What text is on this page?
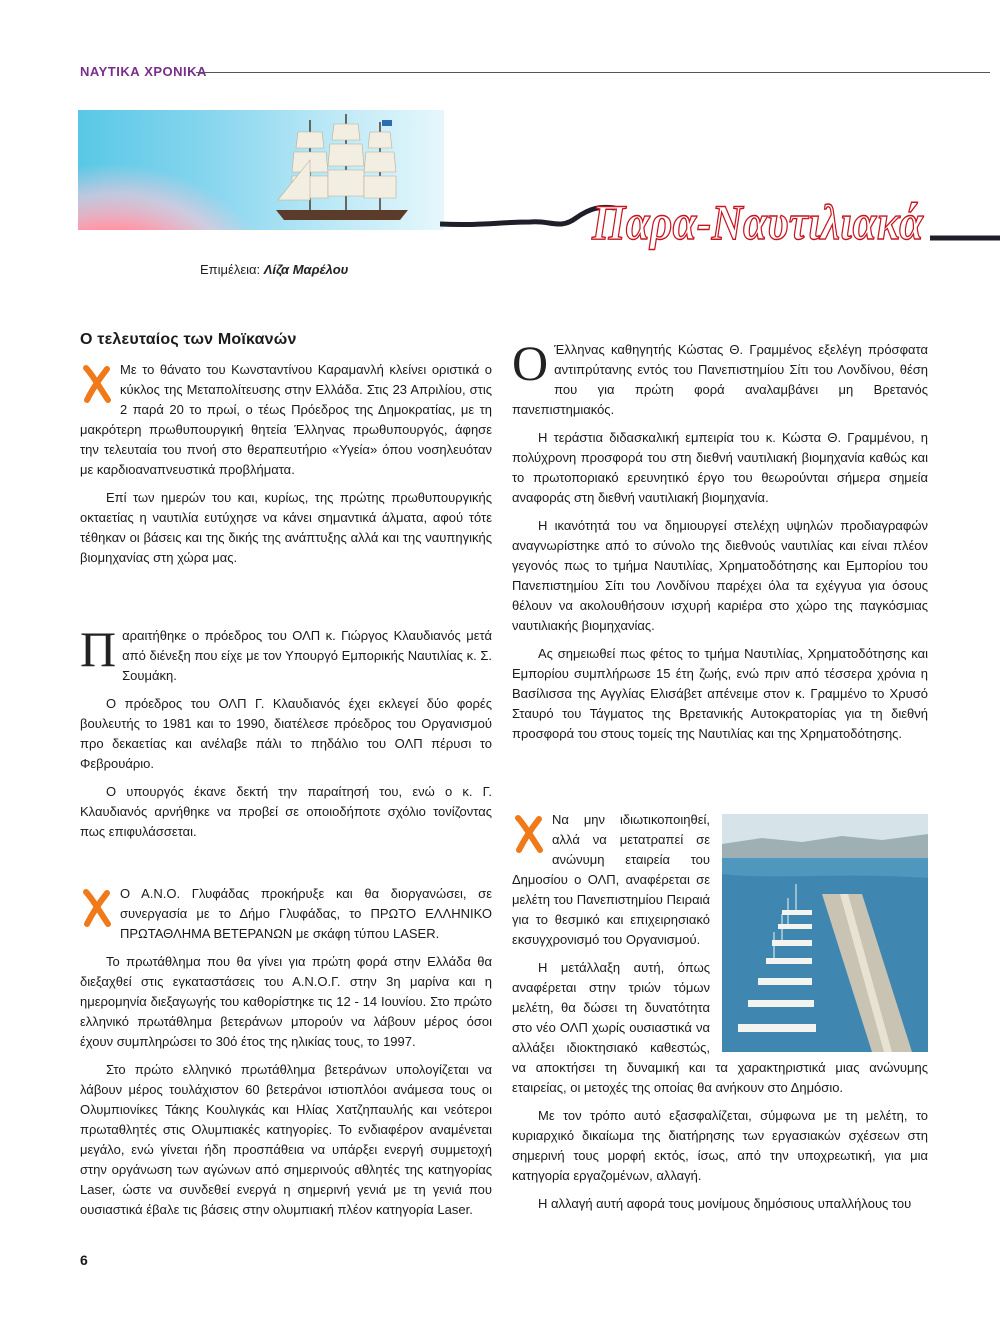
ΝΑΥΤΙΚΑ ΧΡΟΝΙΚΑ
Παρα-Ναυτιλιακά
Επιμέλεια: Λίζα Μαρέλου
Ο τελευταίος των Μοϊκανών

Με το θάνατο του Κωνσταντίνου Καραμανλή κλείνει οριστικά ο κύκλος της Μεταπολίτευσης στην Ελλάδα. Στις 23 Απριλίου, στις 2 παρά 20 το πρωί, ο τέως Πρόεδρος της Δημοκρατίας, με τη μακρότερη πρωθυπουργική θητεία Έλληνας πρωθυπουργός, άφησε την τελευταία του πνοή στο θεραπευτήριο «Υγεία» όπου νοσηλευόταν με καρδιοαναπνευστικά προβλήματα.

Επί των ημερών του και, κυρίως, της πρώτης πρωθυπουργικής οκταετίας η ναυτιλία ευτύχησε να κάνει σημαντικά άλματα, αφού τότε τέθηκαν οι βάσεις και της δικής της ανάπτυξης αλλά και της ναυπηγικής βιομηχανίας στη χώρα μας.

Π αραιτήθηκε ο πρόεδρος του ΟΛΠ κ. Γιώργος Κλαυδιανός μετά από διένεξη που είχε με τον Υπουργό Εμπορικής Ναυτιλίας κ. Σ. Σουμάκη.

Ο πρόεδρος του ΟΛΠ Γ. Κλαυδιανός έχει εκλεγεί δύο φορές βουλευτής το 1981 και το 1990, διατέλεσε πρόεδρος του Οργανισμού προ δεκαετίας και ανέλαβε πάλι το πηδάλιο του ΟΛΠ πέρυσι το Φεβρουάριο.

Ο υπουργός έκανε δεκτή την παραίτησή του, ενώ ο κ. Γ. Κλαυδιανός αρνήθηκε να προβεί σε οποιοδήποτε σχόλιο τονίζοντας πως επιφυλάσσεται.

Ο Α.Ν.Ο. Γλυφάδας προκήρυξε και θα διοργανώσει, σε συνεργασία με το Δήμο Γλυφάδας, το ΠΡΩΤΟ ΕΛΛΗΝΙΚΟ ΠΡΩΤΑΘΛΗΜΑ ΒΕΤΕΡΑΝΩΝ με σκάφη τύπου LASER.

Το πρωτάθλημα που θα γίνει για πρώτη φορά στην Ελλάδα θα διεξαχθεί στις εγκαταστάσεις του Α.Ν.Ο.Γ. στην 3η μαρίνα και η ημερομηνία διεξαγωγής του καθορίστηκε τις 12 - 14 Ιουνίου. Στο πρώτο ελληνικό πρωτάθλημα βετεράνων μπορούν να λάβουν μέρος όσοι έχουν συμπληρώσει το 30ό έτος της ηλικίας τους, το 1997.

Στο πρώτο ελληνικό πρωτάθλημα βετεράνων υπολογίζεται να λάβουν μέρος τουλάχιστον 60 βετεράνοι ιστιοπλόοι ανάμεσα τους οι Ολυμπιονίκες Τάκης Κουλιγκάς και Ηλίας Χατζηπαυλής και νεότεροι πρωταθλητές στις Ολυμπιακές κατηγορίες. Το ενδιαφέρον αναμένεται μεγάλο, ενώ γίνεται ήδη προσπάθεια να υπάρξει ενεργή συμμετοχή στην οργάνωση των αγώνων από σημερινούς αθλητές της κατηγορίας Laser, ώστε να συνδεθεί ενεργά η σημερινή γενιά με τη γενιά που ουσιαστικά έβαλε τις βάσεις στην ολυμπιακή πλέον κατηγορία Laser.

Ο Έλληνας καθηγητής Κώστας Θ. Γραμμένος εξελέγη πρόσφατα αντιπρύτανης εντός του Πανεπιστημίου Σίτι του Λονδίνου, θέση που για πρώτη φορά αναλαμβάνει μη Βρετανός πανεπιστημιακός.

Η τεράστια διδασκαλική εμπειρία του κ. Κώστα Θ. Γραμμένου, η πολύχρονη προσφορά του στη διεθνή ναυτιλιακή βιομηχανία καθώς και το πρωτοποριακό ερευνητικό έργο του θεωρούνται σήμερα σημεία αναφοράς στη διεθνή ναυτιλιακή βιομηχανία.

Η ικανότητά του να δημιουργεί στελέχη υψηλών προδιαγραφών αναγνωρίστηκε από το σύνολο της διεθνούς ναυτιλίας και είναι πλέον γεγονός πως το τμήμα Ναυτιλίας, Χρηματοδότησης και Εμπορίου του Πανεπιστημίου Σίτι του Λονδίνου παρέχει όλα τα εχέγγυα για όσους θέλουν να ακολουθήσουν ισχυρή καριέρα στο χώρο της παγκόσμιας ναυτιλιακής βιομηχανίας.

Ας σημειωθεί πως φέτος το τμήμα Ναυτιλίας, Χρηματοδότησης και Εμπορίου συμπλήρωσε 15 έτη ζωής, ενώ πριν από τέσσερα χρόνια η Βασίλισσα της Αγγλίας Ελισάβετ απένειμε στον κ. Γραμμένο το Χρυσό Σταυρό του Τάγματος της Βρετανικής Αυτοκρατορίας για τη διεθνή προσφορά του στους τομείς της Ναυτιλίας και της Χρηματοδότησης.

Να μην ιδιωτικοποιηθεί, αλλά να μετατραπεί σε ανώνυμη εταιρεία του Δημοσίου ο ΟΛΠ, αναφέρεται σε μελέτη του Πανεπιστημίου Πειραιά για το θεσμικό και επιχειρησιακό εκσυγχρονισμό του Οργανισμού.

Η μετάλλαξη αυτή, όπως αναφέρεται στην τριών τόμων μελέτη, θα δώσει τη δυνατότητα στο νέο ΟΛΠ χωρίς ουσιαστικά να αλλάξει ιδιοκτησιακό καθεστώς, να αποκτήσει τη δυναμική και τα χαρακτηριστικά μιας ανώνυμης εταιρείας, οι μετοχές της οποίας θα ανήκουν στο Δημόσιο.

Με τον τρόπο αυτό εξασφαλίζεται, σύμφωνα με τη μελέτη, το κυριαρχικό δικαίωμα της διατήρησης των εργασιακών σχέσεων στη σημερινή τους μορφή εκτός, ίσως, από την υποχρεωτική, για μια κατηγορία εργαζομένων, αλλαγή.

Η αλλαγή αυτή αφορά τους μονίμους δημόσιους υπαλλήλους του

6
